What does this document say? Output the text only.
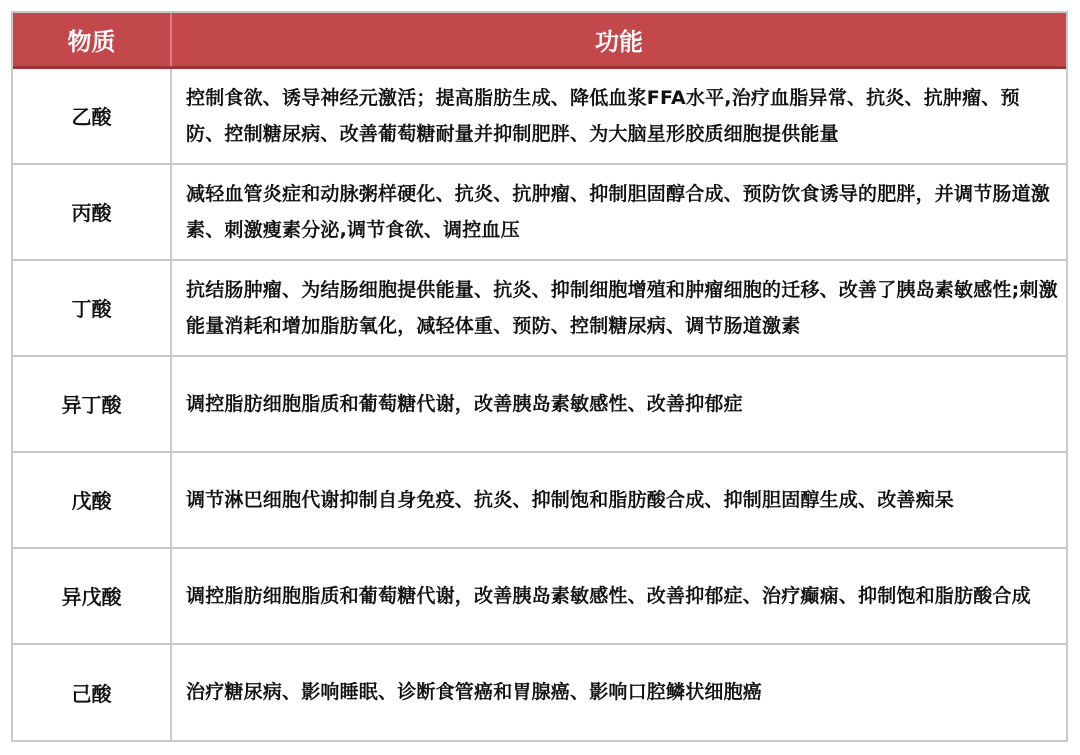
物质	功能
乙酸	控制食欲、诱导神经元激活；提高脂肪生成、降低血浆FFA水平,治疗血脂异常、抗炎、抗肿瘤、预防、控制糖尿病、改善葡萄糖耐量并抑制肥胖、为大脑星形胶质细胞提供能量
丙酸	减轻血管炎症和动脉粥样硬化、抗炎、抗肿瘤、抑制胆固醇合成、预防饮食诱导的肥胖，并调节肠道激素、刺激瘦素分泌,调节食欲、调控血压
丁酸	抗结肠肿瘤、为结肠细胞提供能量、抗炎、抑制细胞增殖和肿瘤细胞的迁移、改善了胰岛素敏感性;刺激能量消耗和增加脂肪氧化，减轻体重、预防、控制糖尿病、调节肠道激素
异丁酸	调控脂肪细胞脂质和葡萄糖代谢，改善胰岛素敏感性、改善抑郁症
戊酸	调节淋巴细胞代谢抑制自身免疫、抗炎、抑制饱和脂肪酸合成、抑制胆固醇生成、改善痴呆
异戊酸	调控脂肪细胞脂质和葡萄糖代谢，改善胰岛素敏感性、改善抑郁症、治疗癫痫、抑制饱和脂肪酸合成
己酸	治疗糖尿病、影响睡眠、诊断食管癌和胃腺癌、影响口腔鳞状细胞癌
